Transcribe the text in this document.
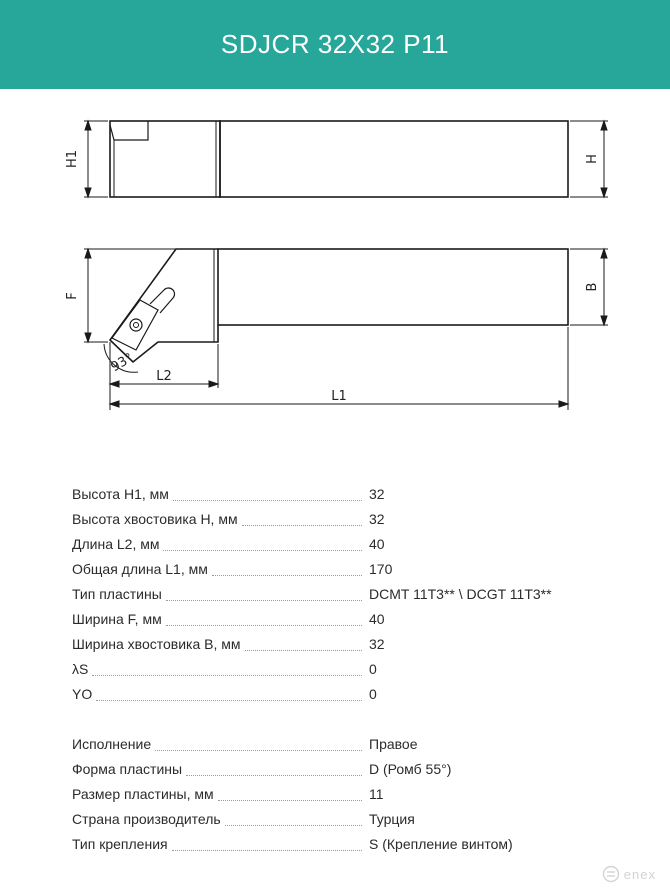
SDJCR 32X32 P11
H1	H
93°
F
B
L2
L1
Высота H1, мм	32
Высота хвостовика H, мм	32
Длина L2, мм	40
Общая длина L1, мм	170
Тип пластины	DCMT 11T3** \ DCGT 11T3**
Ширина F, мм	40
Ширина хвостовика B, мм	32
λS	0
YO	0
Исполнение	Правое
Форма пластины	D (Ромб 55°)
Размер пластины, мм	11
Страна производитель	Турция
Тип крепления	S (Крепление винтом)
enex
